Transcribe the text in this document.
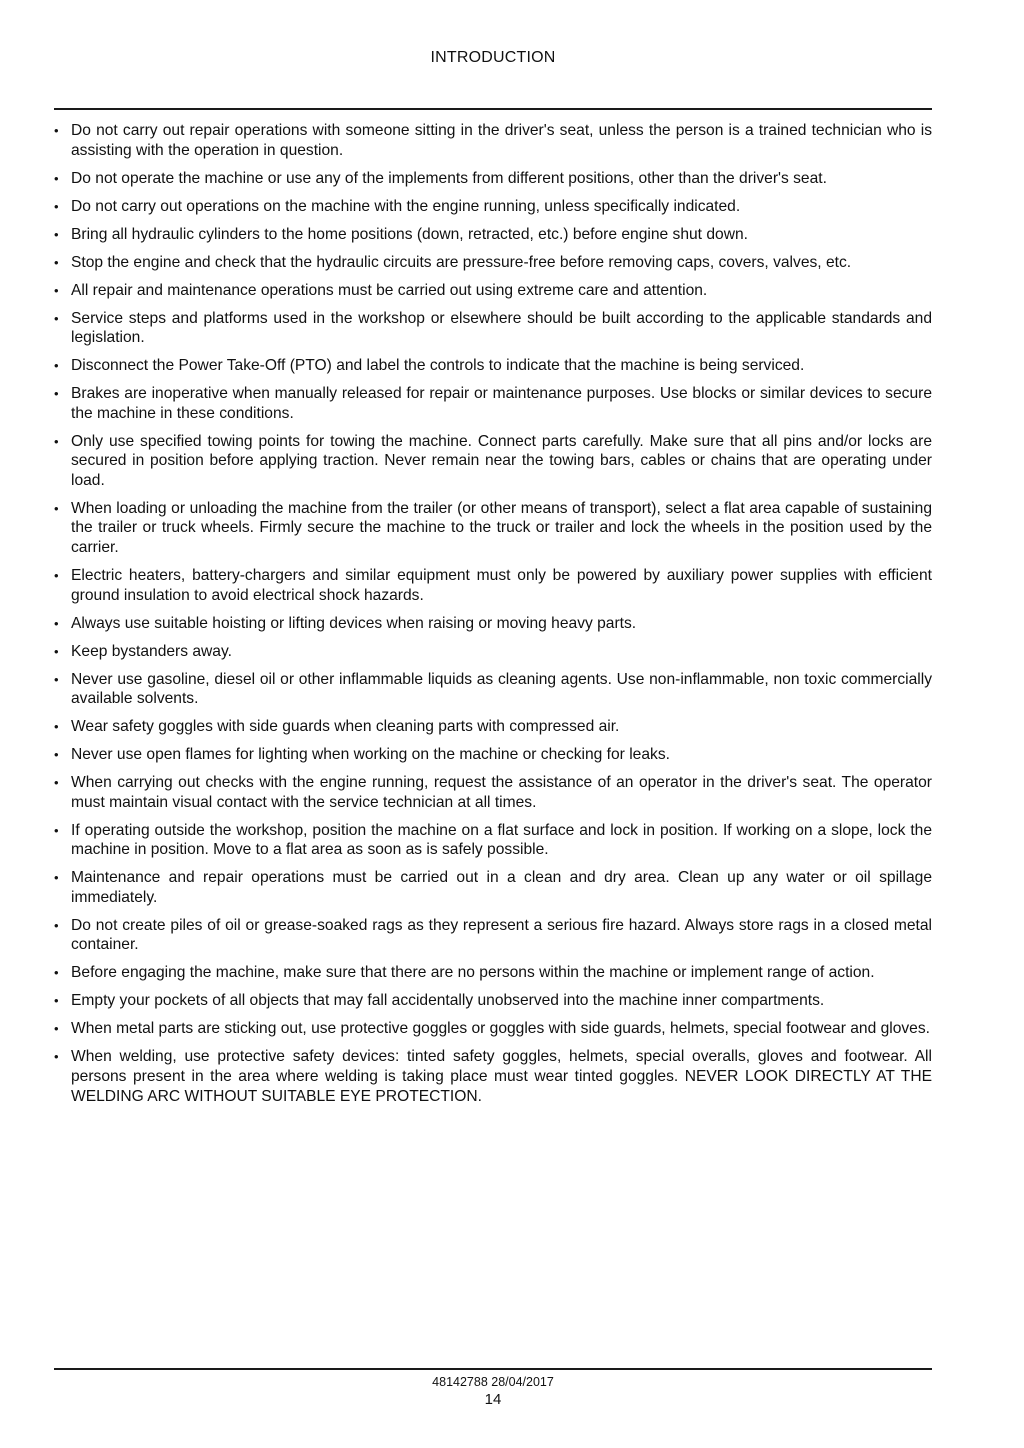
INTRODUCTION
• Do not carry out repair operations with someone sitting in the driver's seat, unless the person is a trained technician who is assisting with the operation in question.
• Do not operate the machine or use any of the implements from different positions, other than the driver's seat.
• Do not carry out operations on the machine with the engine running, unless specifically indicated.
• Bring all hydraulic cylinders to the home positions (down, retracted, etc.) before engine shut down.
• Stop the engine and check that the hydraulic circuits are pressure-free before removing caps, covers, valves, etc.
• All repair and maintenance operations must be carried out using extreme care and attention.
• Service steps and platforms used in the workshop or elsewhere should be built according to the applicable standards and legislation.
• Disconnect the Power Take-Off (PTO) and label the controls to indicate that the machine is being serviced.
• Brakes are inoperative when manually released for repair or maintenance purposes. Use blocks or similar devices to secure the machine in these conditions.
• Only use specified towing points for towing the machine. Connect parts carefully. Make sure that all pins and/or locks are secured in position before applying traction. Never remain near the towing bars, cables or chains that are operating under load.
• When loading or unloading the machine from the trailer (or other means of transport), select a flat area capable of sustaining the trailer or truck wheels. Firmly secure the machine to the truck or trailer and lock the wheels in the position used by the carrier.
• Electric heaters, battery-chargers and similar equipment must only be powered by auxiliary power supplies with efficient ground insulation to avoid electrical shock hazards.
• Always use suitable hoisting or lifting devices when raising or moving heavy parts.
• Keep bystanders away.
• Never use gasoline, diesel oil or other inflammable liquids as cleaning agents. Use non-inflammable, non toxic commercially available solvents.
• Wear safety goggles with side guards when cleaning parts with compressed air.
• Never use open flames for lighting when working on the machine or checking for leaks.
• When carrying out checks with the engine running, request the assistance of an operator in the driver's seat. The operator must maintain visual contact with the service technician at all times.
• If operating outside the workshop, position the machine on a flat surface and lock in position. If working on a slope, lock the machine in position. Move to a flat area as soon as is safely possible.
• Maintenance and repair operations must be carried out in a clean and dry area. Clean up any water or oil spillage immediately.
• Do not create piles of oil or grease-soaked rags as they represent a serious fire hazard. Always store rags in a closed metal container.
• Before engaging the machine, make sure that there are no persons within the machine or implement range of action.
• Empty your pockets of all objects that may fall accidentally unobserved into the machine inner compartments.
• When metal parts are sticking out, use protective goggles or goggles with side guards, helmets, special footwear and gloves.
• When welding, use protective safety devices: tinted safety goggles, helmets, special overalls, gloves and footwear. All persons present in the area where welding is taking place must wear tinted goggles. NEVER LOOK DIRECTLY AT THE WELDING ARC WITHOUT SUITABLE EYE PROTECTION.
48142788 28/04/2017
14
